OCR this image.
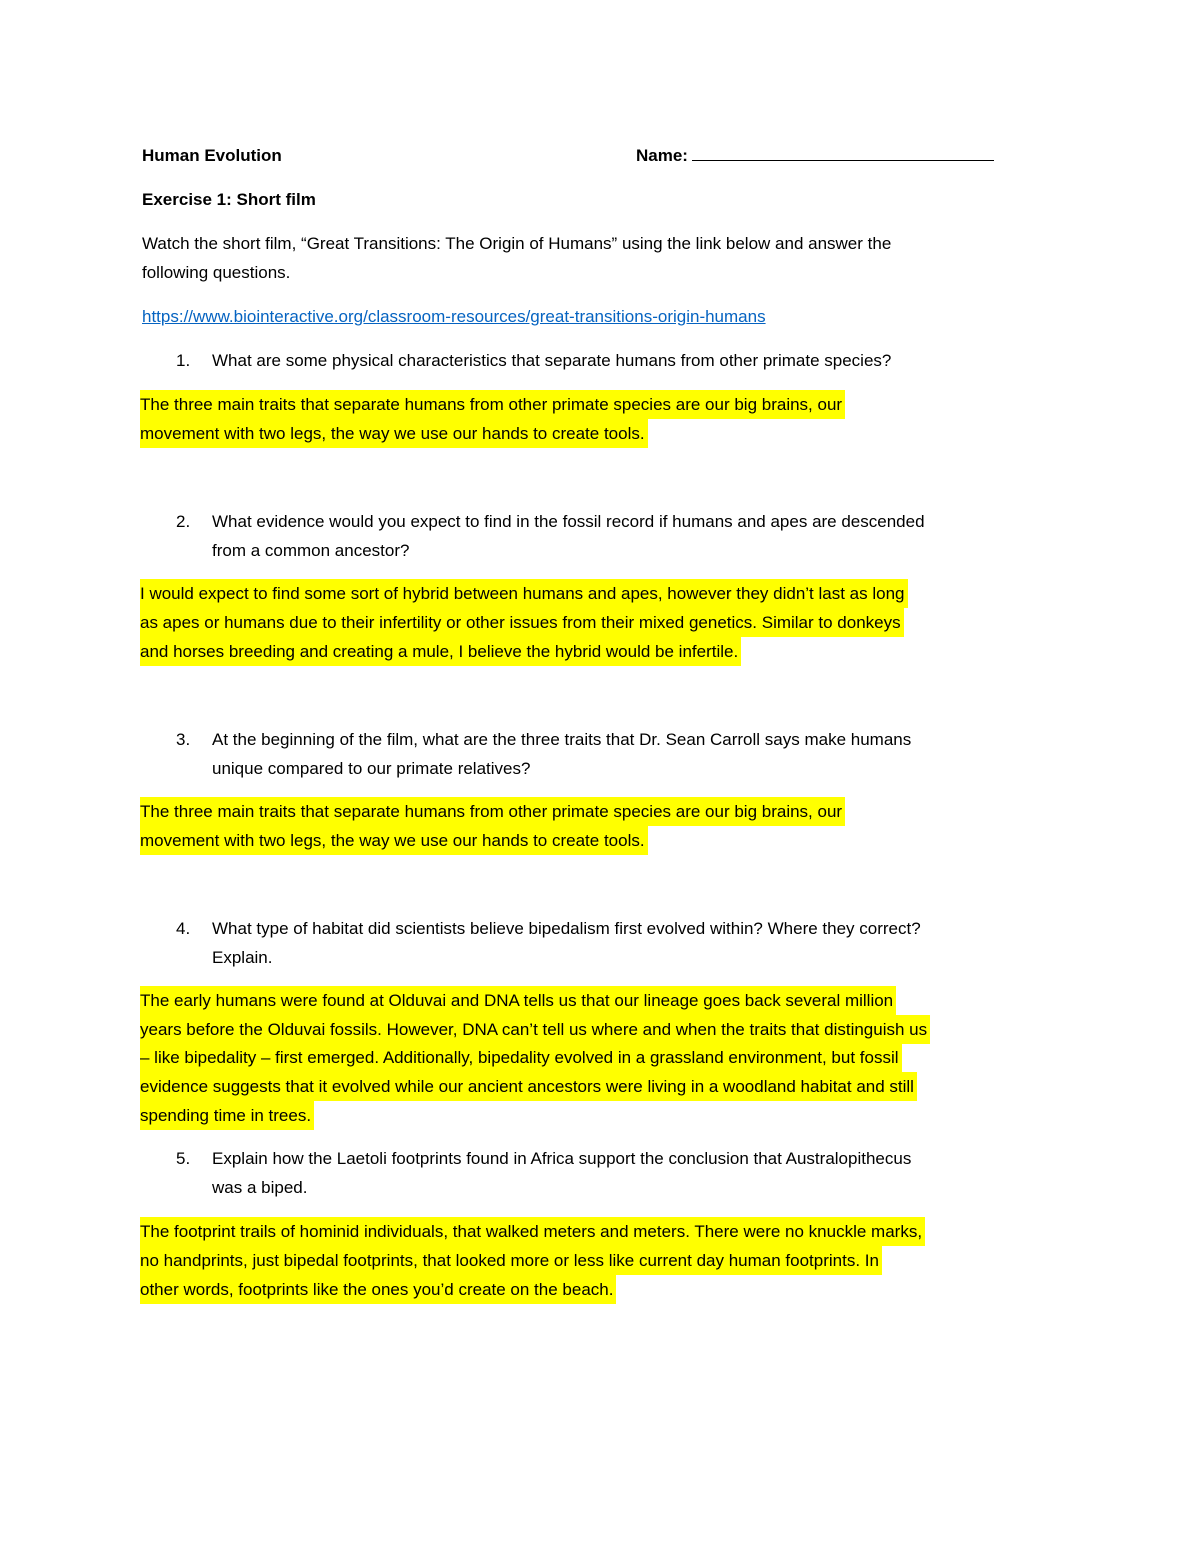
Human Evolution	Name:
Exercise 1: Short film
Watch the short film, “Great Transitions: The Origin of Humans” using the link below and answer the
following questions.
https://www.biointeractive.org/classroom-resources/great-transitions-origin-humans
1.	What are some physical characteristics that separate humans from other primate species?
The three main traits that separate humans from other primate species are our big brains, our
movement with two legs, the way we use our hands to create tools.
2.	What evidence would you expect to find in the fossil record if humans and apes are descended
from a common ancestor?
I would expect to find some sort of hybrid between humans and apes, however they didn’t last as long
as apes or humans due to their infertility or other issues from their mixed genetics. Similar to donkeys
and horses breeding and creating a mule, I believe the hybrid would be infertile.
3.	At the beginning of the film, what are the three traits that Dr. Sean Carroll says make humans
unique compared to our primate relatives?
The three main traits that separate humans from other primate species are our big brains, our
movement with two legs, the way we use our hands to create tools.
4.	What type of habitat did scientists believe bipedalism first evolved within? Where they correct?
Explain.
The early humans were found at Olduvai and DNA tells us that our lineage goes back several million
years before the Olduvai fossils. However, DNA can’t tell us where and when the traits that distinguish us
– like bipedality – first emerged. Additionally, bipedality evolved in a grassland environment, but fossil
evidence suggests that it evolved while our ancient ancestors were living in a woodland habitat and still
spending time in trees.
5.	Explain how the Laetoli footprints found in Africa support the conclusion that Australopithecus
was a biped.
The footprint trails of hominid individuals, that walked meters and meters. There were no knuckle marks,
no handprints, just bipedal footprints, that looked more or less like current day human footprints. In
other words, footprints like the ones you’d create on the beach.
